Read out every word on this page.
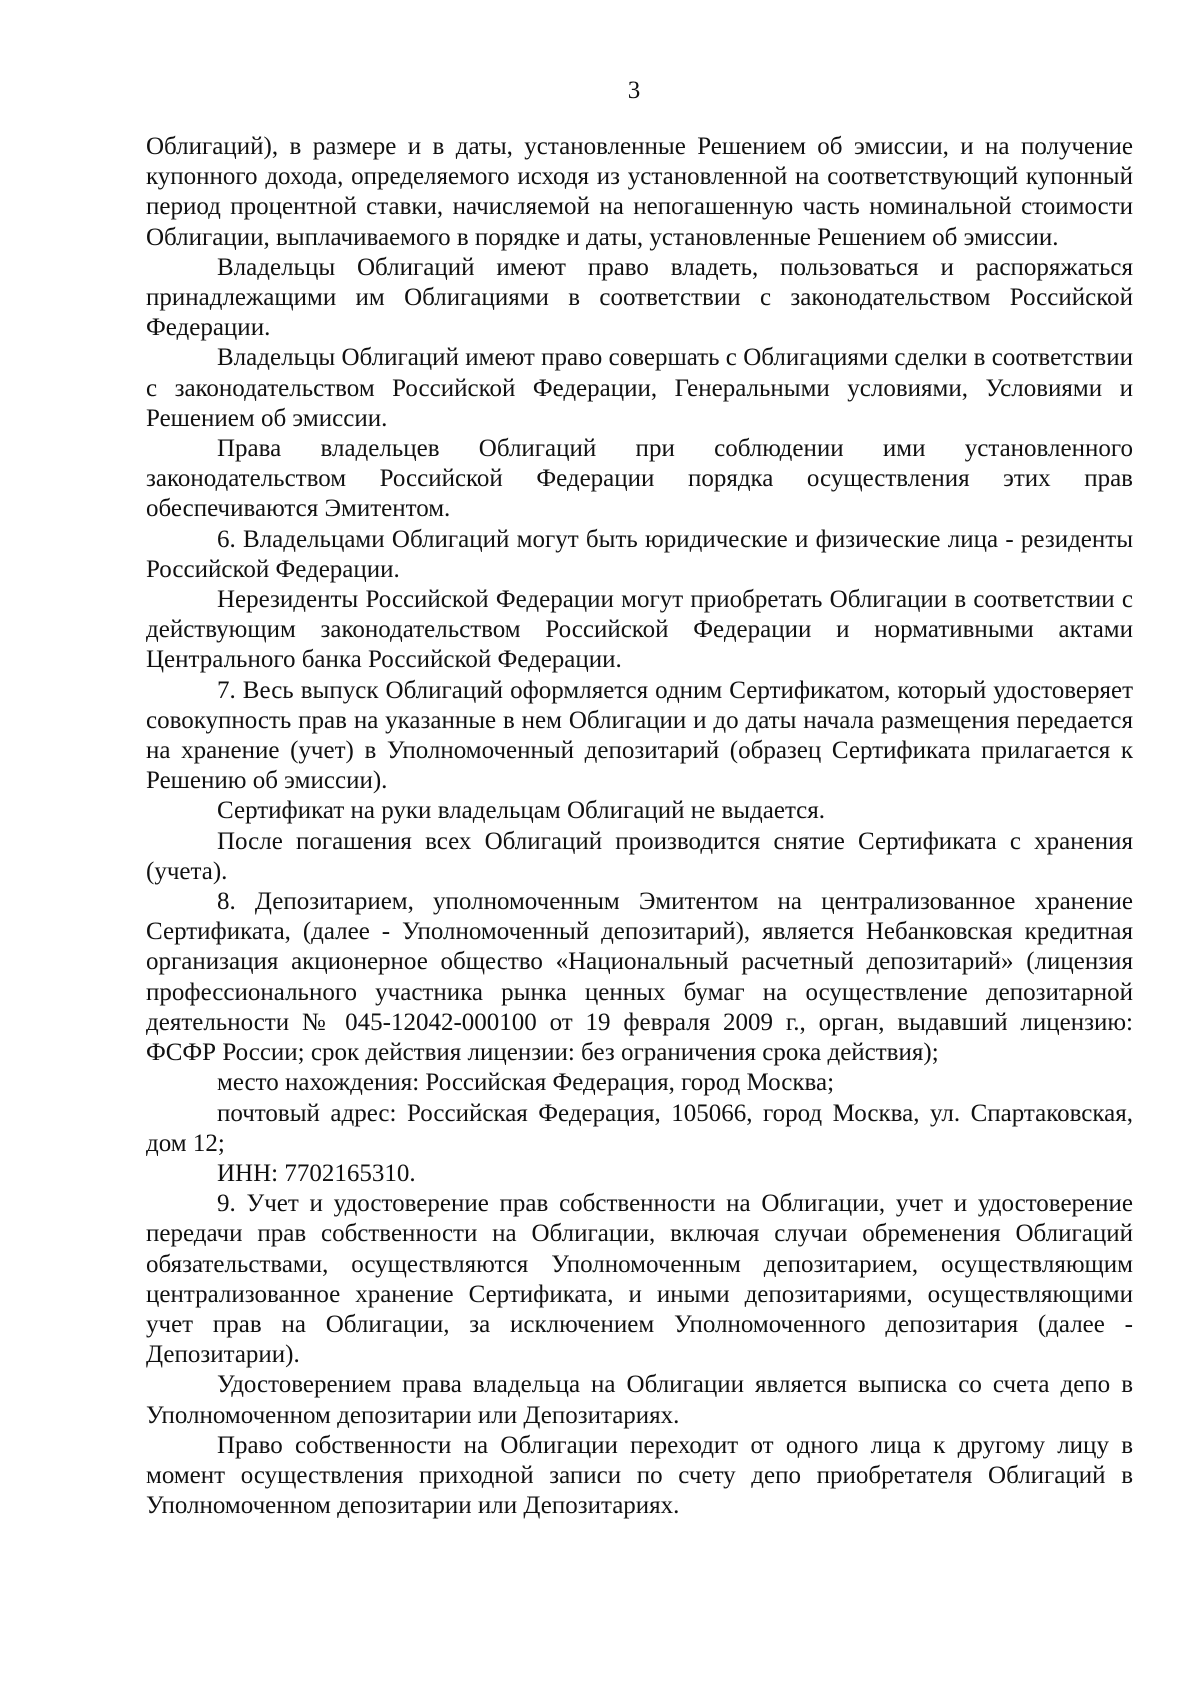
3

Облигаций), в размере и в даты, установленные Решением об эмиссии, и на получение купонного дохода, определяемого исходя из установленной на соответствующий купонный период процентной ставки, начисляемой на непогашенную часть номинальной стоимости Облигации, выплачиваемого в порядке и даты, установленные Решением об эмиссии.

Владельцы Облигаций имеют право владеть, пользоваться и распоряжаться принадлежащими им Облигациями в соответствии с законодательством Российской Федерации.

Владельцы Облигаций имеют право совершать с Облигациями сделки в соответствии с законодательством Российской Федерации, Генеральными условиями, Условиями и Решением об эмиссии.

Права владельцев Облигаций при соблюдении ими установленного законодательством Российской Федерации порядка осуществления этих прав обеспечиваются Эмитентом.

6. Владельцами Облигаций могут быть юридические и физические лица - резиденты Российской Федерации.

Нерезиденты Российской Федерации могут приобретать Облигации в соответствии с действующим законодательством Российской Федерации и нормативными актами Центрального банка Российской Федерации.

7. Весь выпуск Облигаций оформляется одним Сертификатом, который удостоверяет совокупность прав на указанные в нем Облигации и до даты начала размещения передается на хранение (учет) в Уполномоченный депозитарий (образец Сертификата прилагается к Решению об эмиссии).

Сертификат на руки владельцам Облигаций не выдается.

После погашения всех Облигаций производится снятие Сертификата с хранения (учета).

8. Депозитарием, уполномоченным Эмитентом на централизованное хранение Сертификата, (далее - Уполномоченный депозитарий), является Небанковская кредитная организация акционерное общество «Национальный расчетный депозитарий» (лицензия профессионального участника рынка ценных бумаг на осуществление депозитарной деятельности № 045-12042-000100 от 19 февраля 2009 г., орган, выдавший лицензию: ФСФР России; срок действия лицензии: без ограничения срока действия);

место нахождения: Российская Федерация, город Москва;

почтовый адрес: Российская Федерация, 105066, город Москва, ул. Спартаковская, дом 12;

ИНН: 7702165310.

9. Учет и удостоверение прав собственности на Облигации, учет и удостоверение передачи прав собственности на Облигации, включая случаи обременения Облигаций обязательствами, осуществляются Уполномоченным депозитарием, осуществляющим централизованное хранение Сертификата, и иными депозитариями, осуществляющими учет прав на Облигации, за исключением Уполномоченного депозитария (далее - Депозитарии).

Удостоверением права владельца на Облигации является выписка со счета депо в Уполномоченном депозитарии или Депозитариях.

Право собственности на Облигации переходит от одного лица к другому лицу в момент осуществления приходной записи по счету депо приобретателя Облигаций в Уполномоченном депозитарии или Депозитариях.
